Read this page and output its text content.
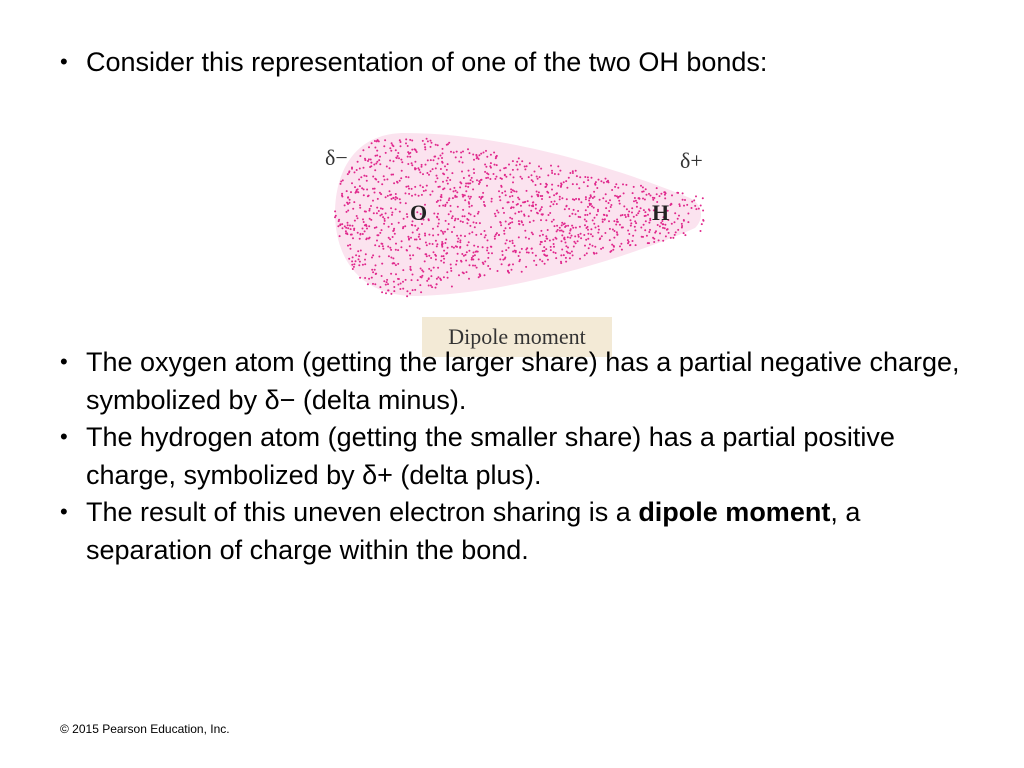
• Consider this representation of one of the two OH bonds:
δ−	δ+
O	H
Dipole moment
• The oxygen atom (getting the larger share) has a partial negative charge, symbolized by δ− (delta minus).
• The hydrogen atom (getting the smaller share) has a partial positive charge, symbolized by δ+ (delta plus).
• The result of this uneven electron sharing is a dipole moment, a separation of charge within the bond.
© 2015 Pearson Education, Inc.
